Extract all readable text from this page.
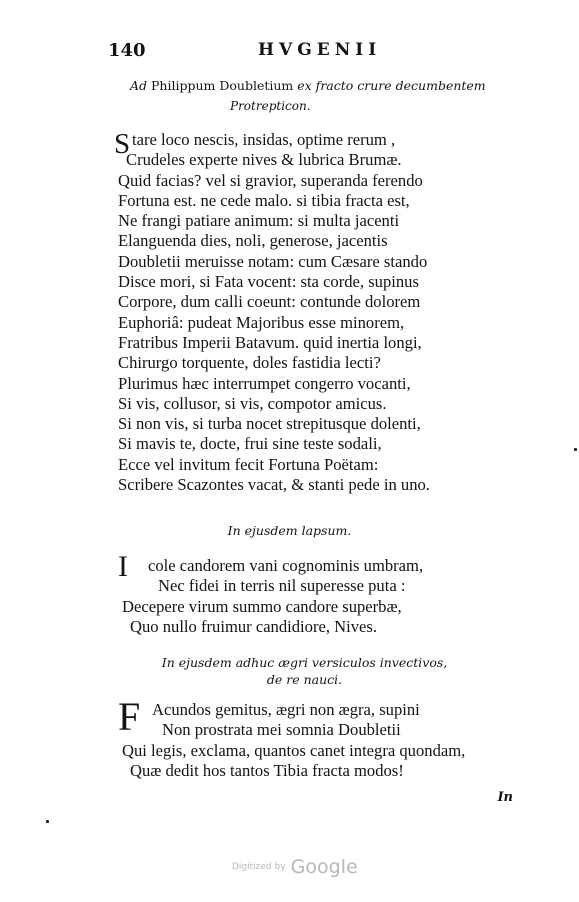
140	HVGENII
Ad Philippum Doubletium ex fracto crure decumbentem
Protrepticon.
S tare loco nescis, insidas, optime rerum ,
Crudeles experte nives & lubrica Brumæ.
Quid facias? vel si gravior, superanda ferendo
Fortuna est. ne cede malo. si tibia fracta est,
Ne frangi patiare animum: si multa jacenti
Elanguenda dies, noli, generose, jacentis
Doubletii meruisse notam: cum Cæsare stando
Disce mori, si Fata vocent: sta corde, supinus
Corpore, dum calli coeunt: contunde dolorem
Euphoriâ: pudeat Majoribus esse minorem,
Fratribus Imperii Batavum. quid inertia longi,
Chirurgo torquente, doles fastidia lecti?
Plurimus hæc interrumpet congerro vocanti,
Si vis, collusor, si vis, compotor amicus.
Si non vis, si turba nocet strepitusque dolenti,
Si mavis te, docte, frui sine teste sodali,
Ecce vel invitum fecit Fortuna Poëtam:
Scribere Scazontes vacat, & stanti pede in uno.
In ejusdem lapsum.
I	cole candorem vani cognominis umbram,
Nec fidei in terris nil superesse puta :
Decepere virum summo candore superbæ,
Quo nullo fruimur candidiore, Nives.
In ejusdem adhuc ægri versiculos invectivos,
de re nauci.
F Acundos gemitus, ægri non ægra, supini
Non prostrata mei somnia Doubletii
Qui legis, exclama, quantos canet integra quondam,
Quæ dedit hos tantos Tibia fracta modos!
In
Digitized by Google
